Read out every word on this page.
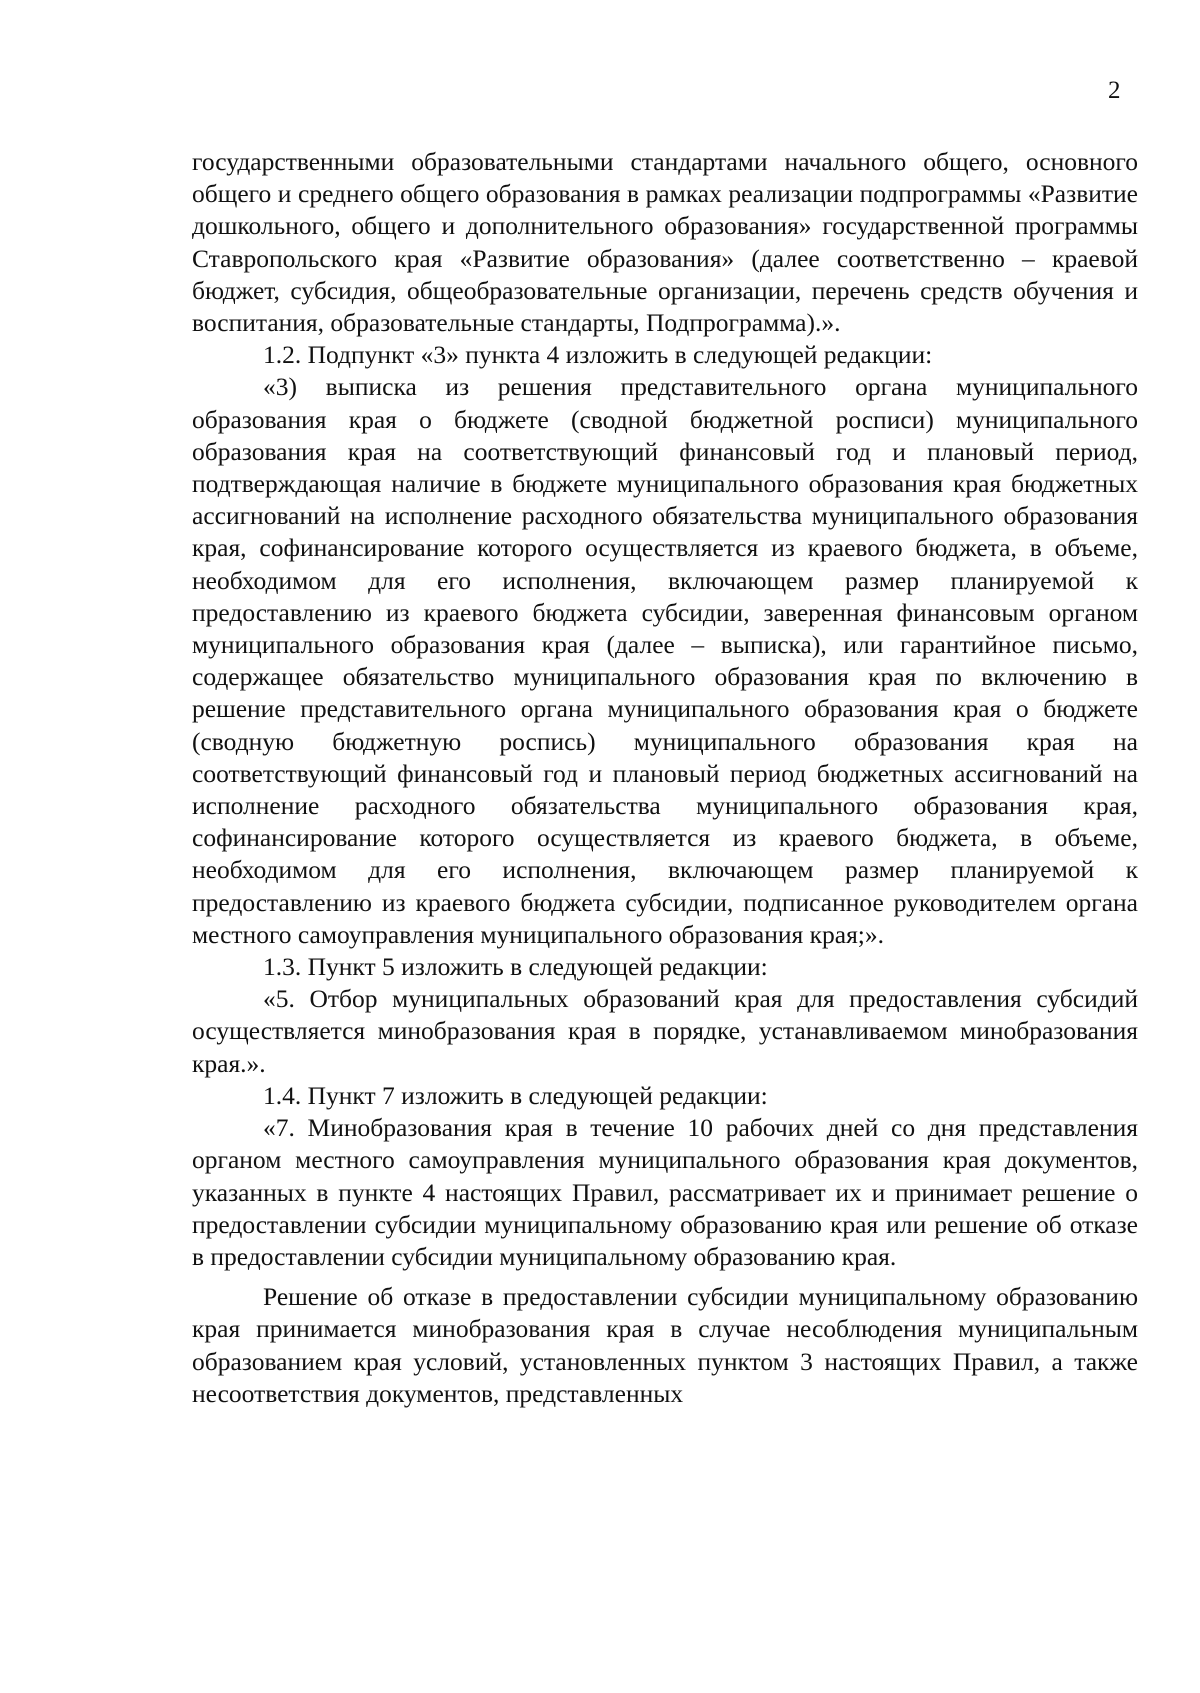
2

государственными образовательными стандартами начального общего, основного общего и среднего общего образования в рамках реализации подпрограммы «Развитие дошкольного, общего и дополнительного образования» государственной программы Ставропольского края «Развитие образования» (далее соответственно – краевой бюджет, субсидия, общеобразовательные организации, перечень средств обучения и воспитания, образовательные стандарты, Подпрограмма).».

1.2. Подпункт «3» пункта 4 изложить в следующей редакции:

«3) выписка из решения представительного органа муниципального образования края о бюджете (сводной бюджетной росписи) муниципального образования края на соответствующий финансовый год и плановый период, подтверждающая наличие в бюджете муниципального образования края бюджетных ассигнований на исполнение расходного обязательства муниципального образования края, софинансирование которого осуществляется из краевого бюджета, в объеме, необходимом для его исполнения, включающем размер планируемой к предоставлению из краевого бюджета субсидии, заверенная финансовым органом муниципального образования края (далее – выписка), или гарантийное письмо, содержащее обязательство муниципального образования края по включению в решение представительного органа муниципального образования края о бюджете (сводную бюджетную роспись) муниципального образования края на соответствующий финансовый год и плановый период бюджетных ассигнований на исполнение расходного обязательства муниципального образования края, софинансирование которого осуществляется из краевого бюджета, в объеме, необходимом для его исполнения, включающем размер планируемой к предоставлению из краевого бюджета субсидии, подписанное руководителем органа местного самоуправления муниципального образования края;».

1.3. Пункт 5 изложить в следующей редакции:

«5. Отбор муниципальных образований края для предоставления субсидий осуществляется минобразования края в порядке, устанавливаемом минобразования края.».

1.4. Пункт 7 изложить в следующей редакции:

«7. Минобразования края в течение 10 рабочих дней со дня представления органом местного самоуправления муниципального образования края документов, указанных в пункте 4 настоящих Правил, рассматривает их и принимает решение о предоставлении субсидии муниципальному образованию края или решение об отказе в предоставлении субсидии муниципальному образованию края.

Решение об отказе в предоставлении субсидии муниципальному образованию края принимается минобразования края в случае несоблюдения муниципальным образованием края условий, установленных пунктом 3 настоящих Правил, а также несоответствия документов, представленных
